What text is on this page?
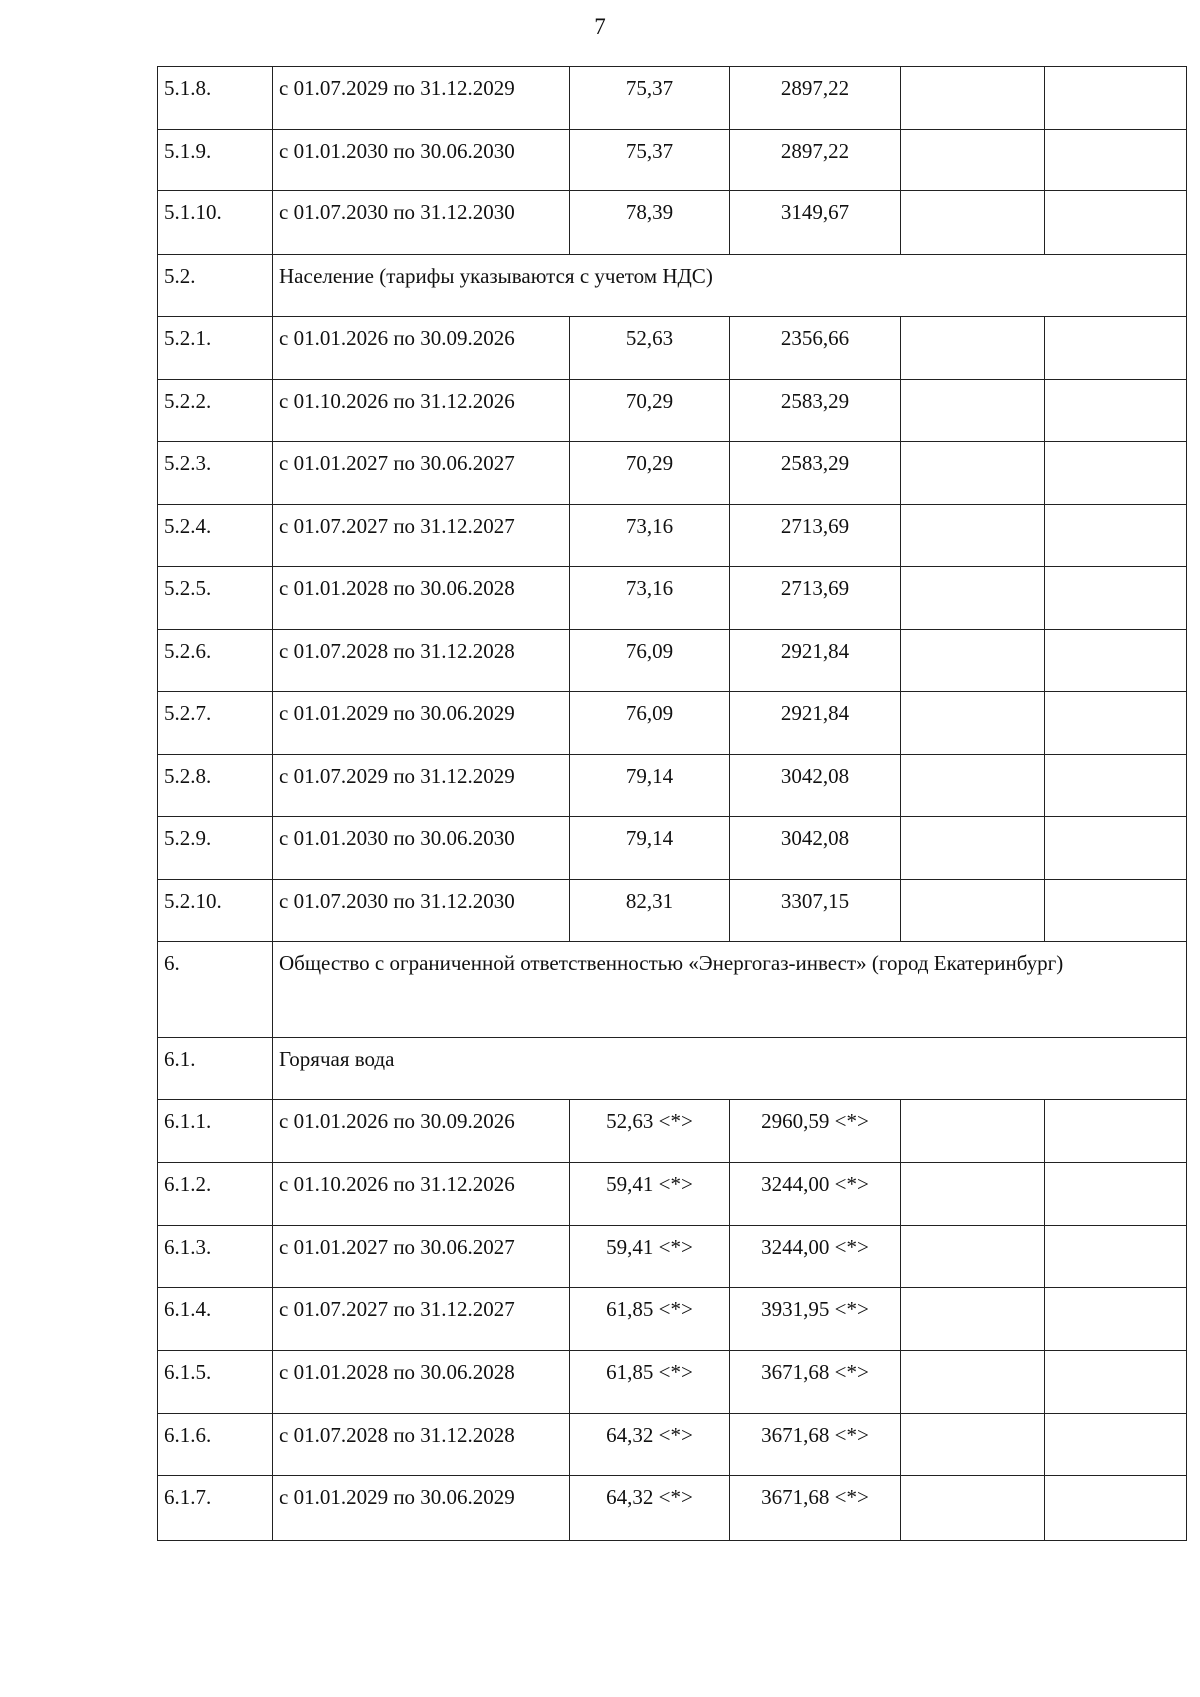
7
5.1.8.	с 01.07.2029 по 31.12.2029	75,37	2897,22		
5.1.9.	с 01.01.2030 по 30.06.2030	75,37	2897,22		
5.1.10.	с 01.07.2030 по 31.12.2030	78,39	3149,67		
5.2.	Население (тарифы указываются с учетом НДС)				
5.2.1.	с 01.01.2026 по 30.09.2026	52,63	2356,66		
5.2.2.	с 01.10.2026 по 31.12.2026	70,29	2583,29		
5.2.3.	с 01.01.2027 по 30.06.2027	70,29	2583,29		
5.2.4.	с 01.07.2027 по 31.12.2027	73,16	2713,69		
5.2.5.	с 01.01.2028 по 30.06.2028	73,16	2713,69		
5.2.6.	с 01.07.2028 по 31.12.2028	76,09	2921,84		
5.2.7.	с 01.01.2029 по 30.06.2029	76,09	2921,84		
5.2.8.	с 01.07.2029 по 31.12.2029	79,14	3042,08		
5.2.9.	с 01.01.2030 по 30.06.2030	79,14	3042,08		
5.2.10.	с 01.07.2030 по 31.12.2030	82,31	3307,15		
6.	Общество с ограниченной ответственностью «Энергогаз-инвест» (город Екатеринбург)				
6.1.	Горячая вода				
6.1.1.	с 01.01.2026 по 30.09.2026	52,63 <*>	2960,59 <*>		
6.1.2.	с 01.10.2026 по 31.12.2026	59,41 <*>	3244,00 <*>		
6.1.3.	с 01.01.2027 по 30.06.2027	59,41 <*>	3244,00 <*>		
6.1.4.	с 01.07.2027 по 31.12.2027	61,85 <*>	3931,95 <*>		
6.1.5.	с 01.01.2028 по 30.06.2028	61,85 <*>	3671,68 <*>		
6.1.6.	с 01.07.2028 по 31.12.2028	64,32 <*>	3671,68 <*>		
6.1.7.	с 01.01.2029 по 30.06.2029	64,32 <*>	3671,68 <*>		
